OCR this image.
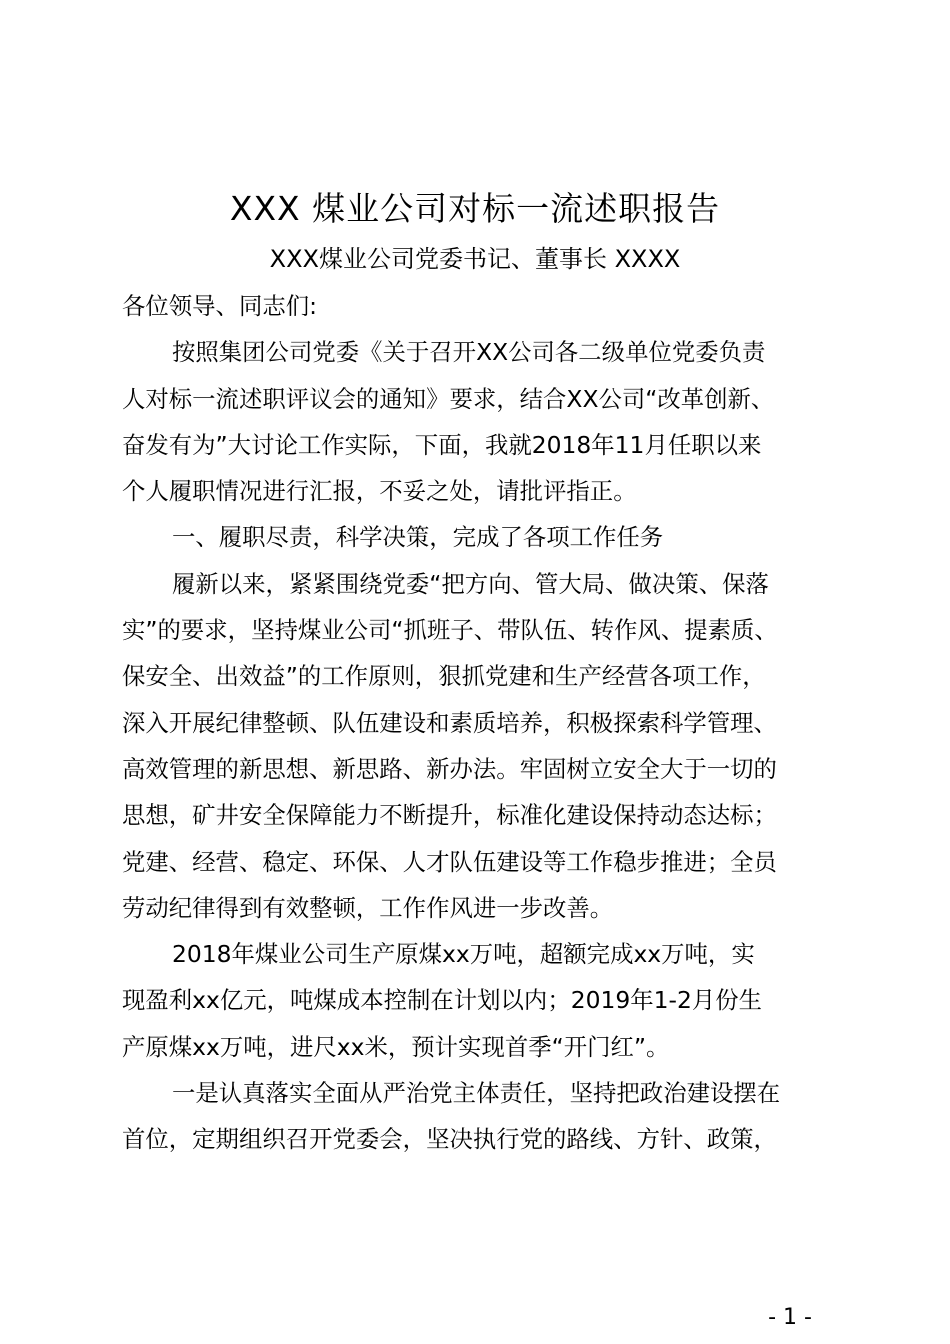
XXX 煤业公司对标一流述职报告
XXX煤业公司党委书记、董事长 XXXX
各位领导、同志们:
按照集团公司党委《关于召开XX公司各二级单位党委负责
人对标一流述职评议会的通知》要求，结合XX公司“改革创新、
奋发有为”大讨论工作实际，下面，我就2018年11月任职以来
个人履职情况进行汇报，不妥之处，请批评指正。
一、履职尽责，科学决策，完成了各项工作任务
履新以来，紧紧围绕党委“把方向、管大局、做决策、保落
实”的要求，坚持煤业公司“抓班子、带队伍、转作风、提素质、
保安全、出效益”的工作原则，狠抓党建和生产经营各项工作，
深入开展纪律整顿、队伍建设和素质培养，积极探索科学管理、
高效管理的新思想、新思路、新办法。牢固树立安全大于一切的
思想，矿井安全保障能力不断提升，标准化建设保持动态达标；
党建、经营、稳定、环保、人才队伍建设等工作稳步推进；全员
劳动纪律得到有效整顿，工作作风进一步改善。
2018年煤业公司生产原煤xx万吨，超额完成xx万吨，实
现盈利xx亿元，吨煤成本控制在计划以内；2019年1-2月份生
产原煤xx万吨，进尺xx米，预计实现首季“开门红”。
一是认真落实全面从严治党主体责任，坚持把政治建设摆在
首位，定期组织召开党委会，坚决执行党的路线、方针、政策，
- 1 -
